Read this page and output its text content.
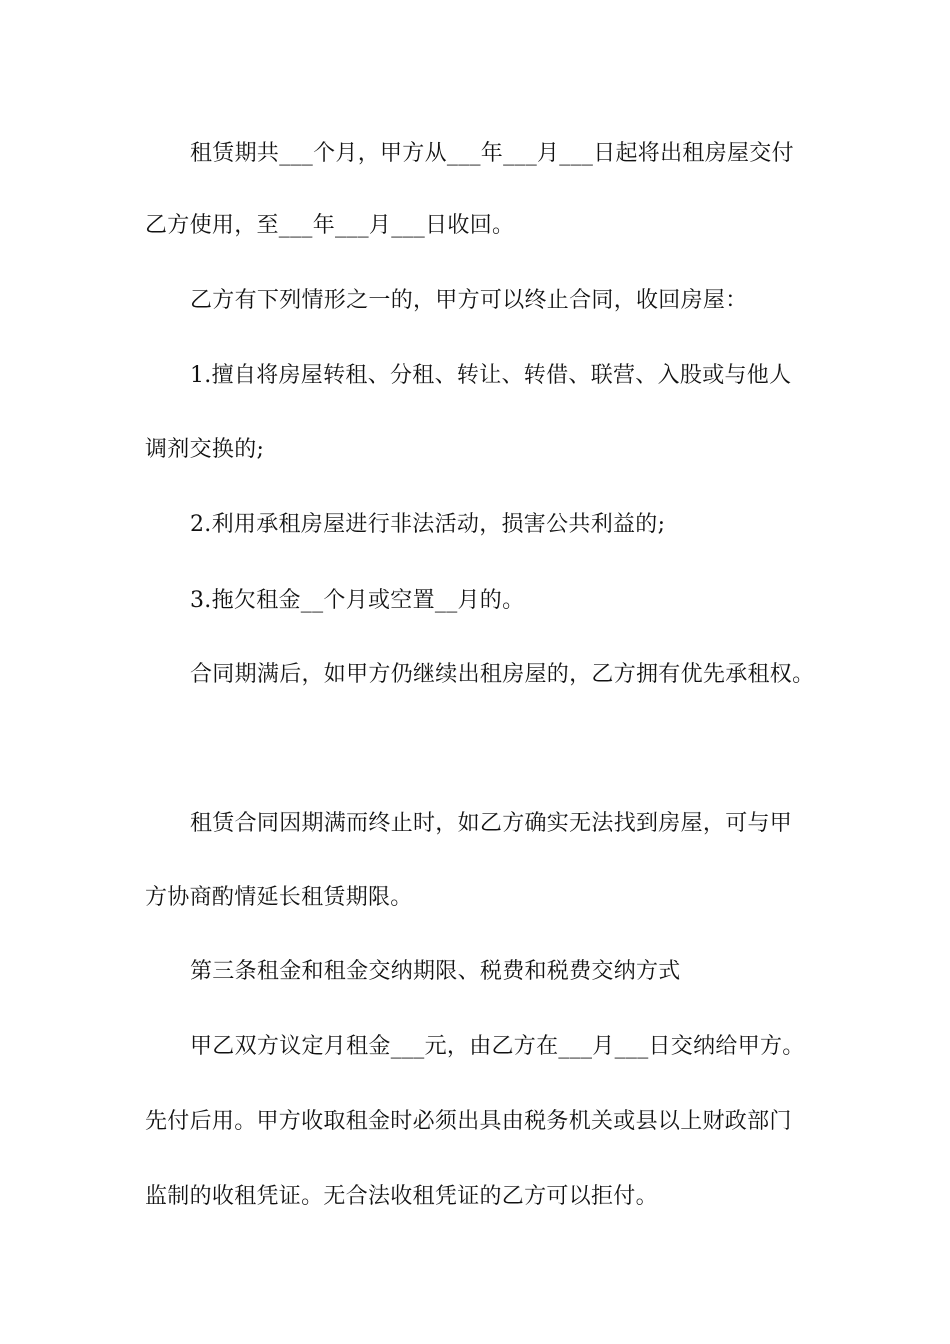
租赁期共___个月，甲方从___年___月___日起将出租房屋交付
乙方使用，至___年___月___日收回。
乙方有下列情形之一的，甲方可以终止合同，收回房屋：
1.擅自将房屋转租、分租、转让、转借、联营、入股或与他人
调剂交换的;
2.利用承租房屋进行非法活动，损害公共利益的;
3.拖欠租金__个月或空置__月的。
合同期满后，如甲方仍继续出租房屋的，乙方拥有优先承租权。
租赁合同因期满而终止时，如乙方确实无法找到房屋，可与甲
方协商酌情延长租赁期限。
第三条租金和租金交纳期限、税费和税费交纳方式
甲乙双方议定月租金___元，由乙方在___月___日交纳给甲方。
先付后用。甲方收取租金时必须出具由税务机关或县以上财政部门
监制的收租凭证。无合法收租凭证的乙方可以拒付。
